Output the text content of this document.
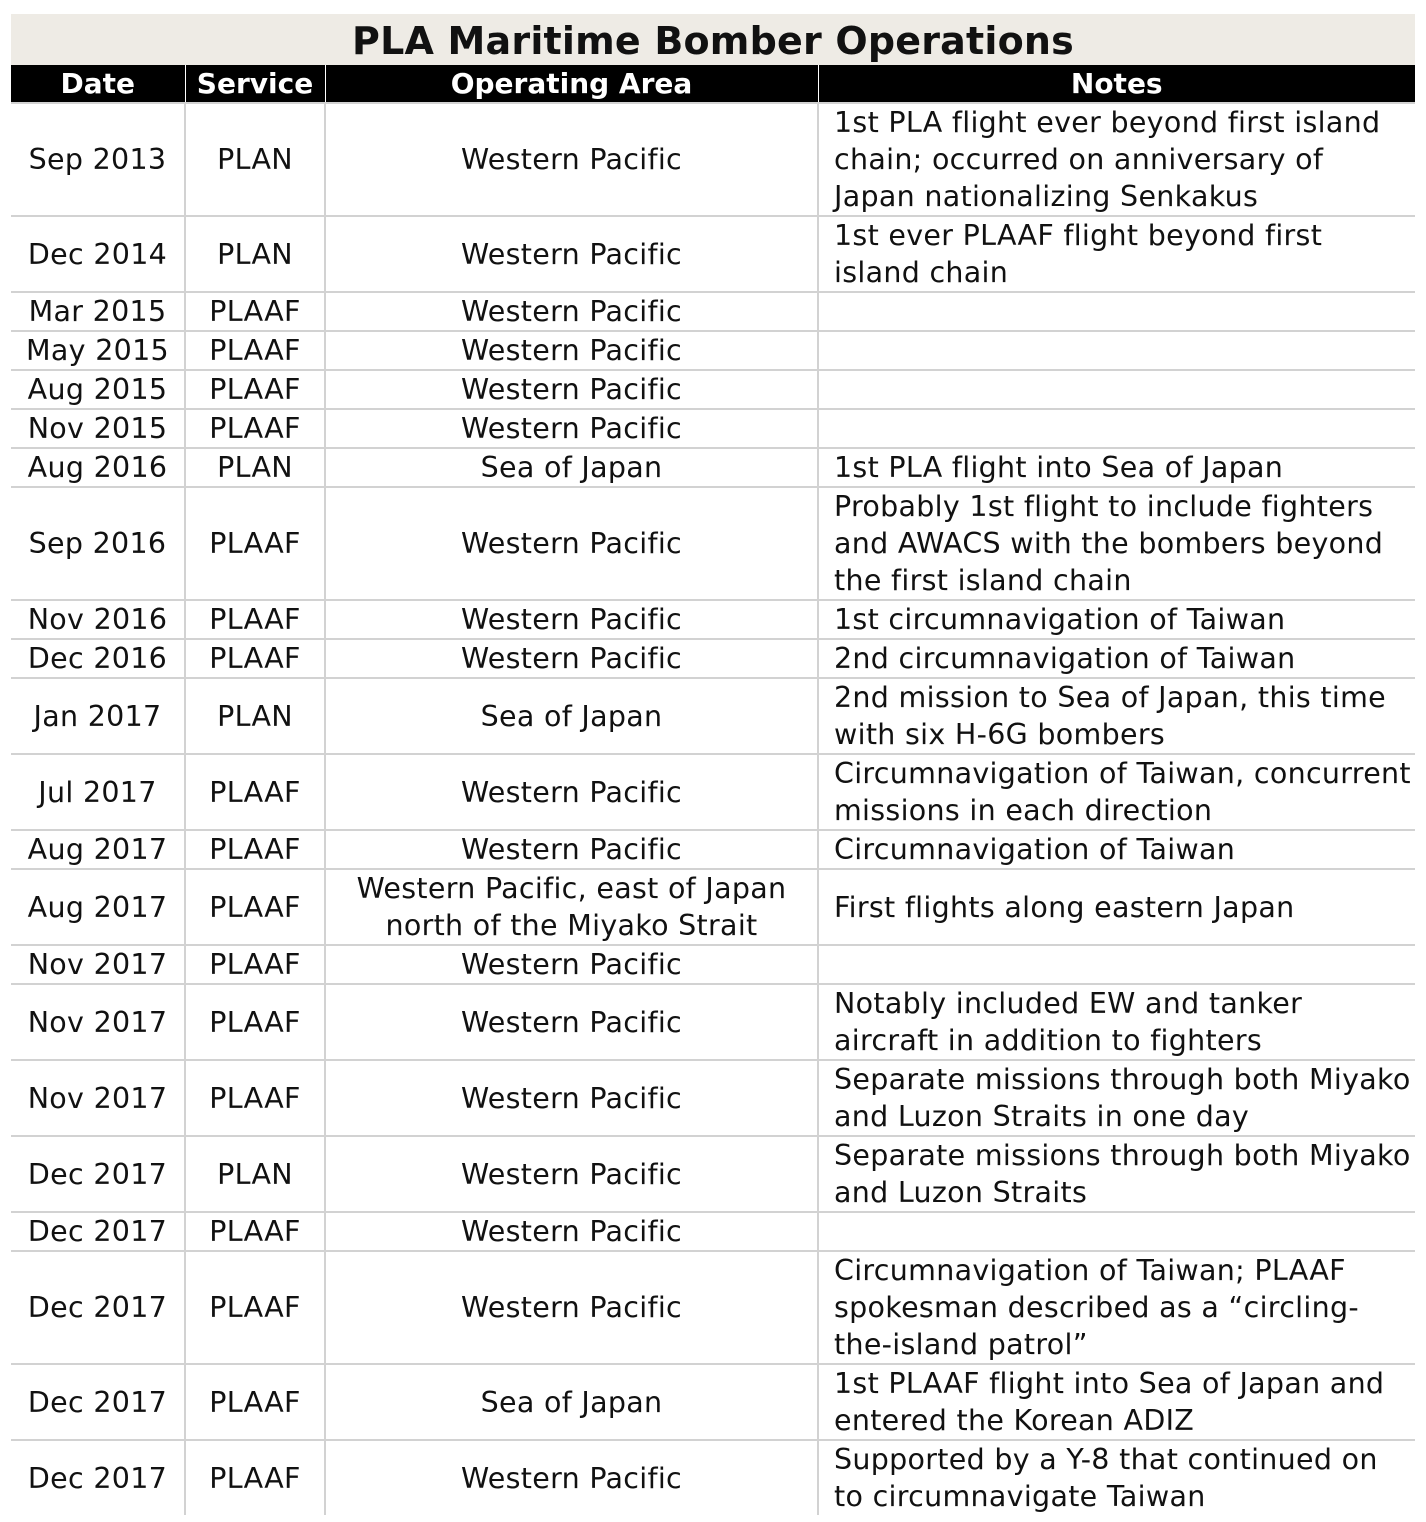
PLA Maritime Bomber Operations
Date	Service	Operating Area	Notes
Sep 2013	PLAN	Western Pacific	1st PLA flight ever beyond first island chain; occurred on anniversary of Japan nationalizing Senkakus
Dec 2014	PLAN	Western Pacific	1st ever PLAAF flight beyond first island chain
Mar 2015	PLAAF	Western Pacific	
May 2015	PLAAF	Western Pacific	
Aug 2015	PLAAF	Western Pacific	
Nov 2015	PLAAF	Western Pacific	
Aug 2016	PLAN	Sea of Japan	1st PLA flight into Sea of Japan
Sep 2016	PLAAF	Western Pacific	Probably 1st flight to include fighters and AWACS with the bombers beyond the first island chain
Nov 2016	PLAAF	Western Pacific	1st circumnavigation of Taiwan
Dec 2016	PLAAF	Western Pacific	2nd circumnavigation of Taiwan
Jan 2017	PLAN	Sea of Japan	2nd mission to Sea of Japan, this time with six H-6G bombers
Jul 2017	PLAAF	Western Pacific	Circumnavigation of Taiwan, concurrent missions in each direction
Aug 2017	PLAAF	Western Pacific	Circumnavigation of Taiwan
Aug 2017	PLAAF	Western Pacific, east of Japan north of the Miyako Strait	First flights along eastern Japan
Nov 2017	PLAAF	Western Pacific	
Nov 2017	PLAAF	Western Pacific	Notably included EW and tanker aircraft in addition to fighters
Nov 2017	PLAAF	Western Pacific	Separate missions through both Miyako and Luzon Straits in one day
Dec 2017	PLAN	Western Pacific	Separate missions through both Miyako and Luzon Straits
Dec 2017	PLAAF	Western Pacific	
Dec 2017	PLAAF	Western Pacific	Circumnavigation of Taiwan; PLAAF spokesman described as a “circling-the-island patrol”
Dec 2017	PLAAF	Sea of Japan	1st PLAAF flight into Sea of Japan and entered the Korean ADIZ
Dec 2017	PLAAF	Western Pacific	Supported by a Y-8 that continued on to circumnavigate Taiwan
